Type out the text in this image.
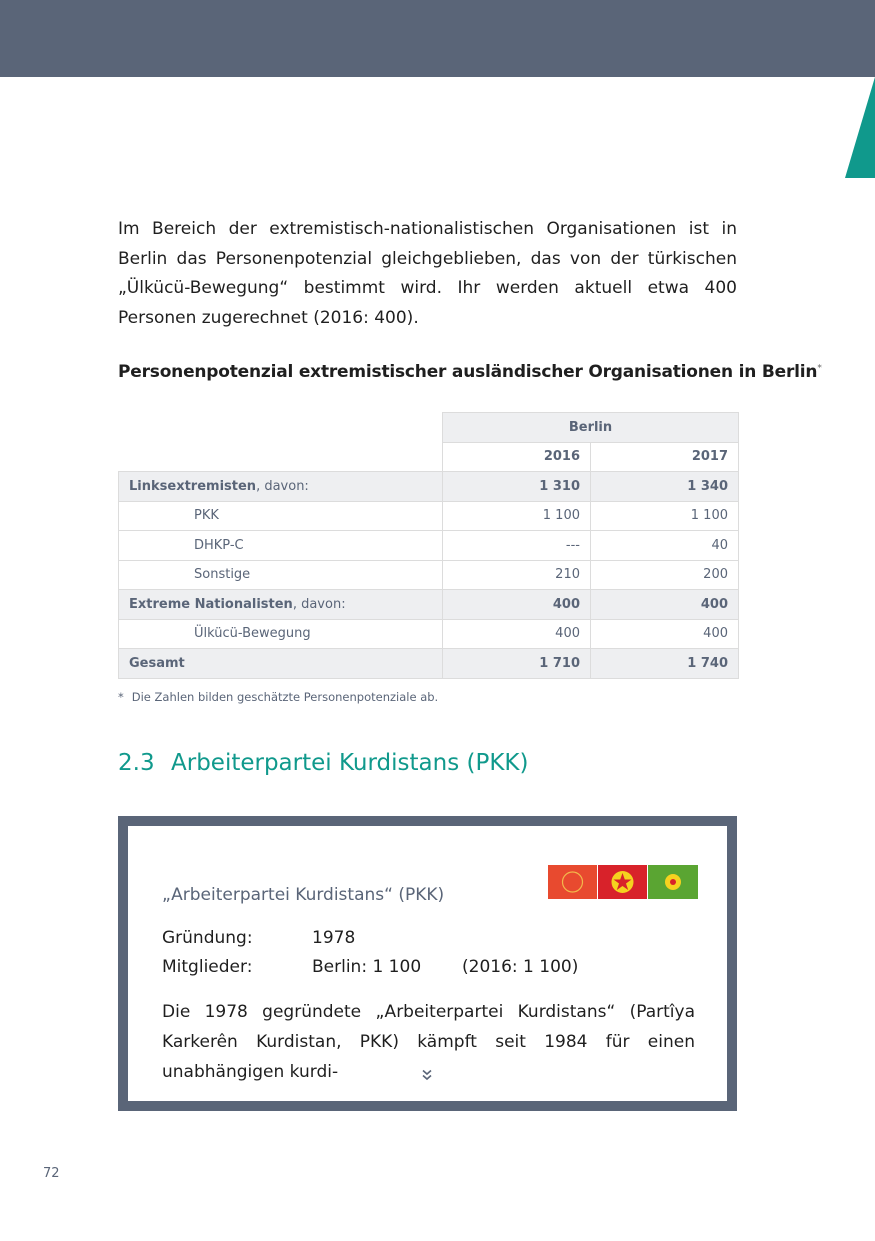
Im Bereich der extremistisch-nationalistischen Organisationen ist in Berlin das Personenpotenzial gleichgeblieben, das von der türkischen „Ülkücü-Bewegung“ bestimmt wird. Ihr werden aktuell etwa 400 Personen zugerechnet (2016: 400).

Personenpotenzial extremistischer ausländischer Organisationen in Berlin*
	Berlin	
	2016	2017
Linksextremisten, davon:	1 310	1 340
PKK	1 100	1 100
DHKP-C	---	40
Sonstige	210	200
Extreme Nationalisten, davon:	400	400
Ülkücü-Bewegung	400	400
Gesamt	1 710	1 740
* Die Zahlen bilden geschätzte Personenpotenziale ab.
2.3 Arbeiterpartei Kurdistans (PKK)
„Arbeiterpartei Kurdistans“ (PKK)
Gründung:	1978
Mitglieder:	Berlin: 1 100 (2016: 1 100)

Die 1978 gegründete „Arbeiterpartei Kurdistans“ (Partîya Karkerên Kurdistan, PKK) kämpft seit 1984 für einen unabhängigen kurdi-

72
